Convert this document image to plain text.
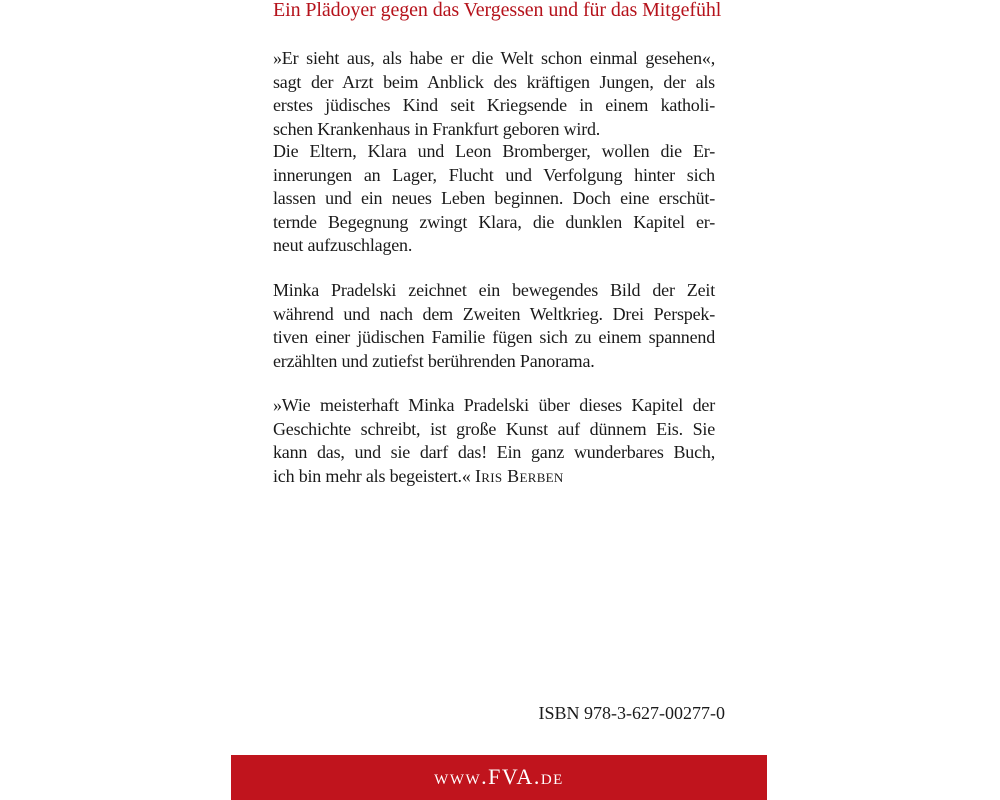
Ein Plädoyer gegen das Vergessen und für das Mitgefühl
»Er sieht aus, als habe er die Welt schon einmal gesehen«,
sagt der Arzt beim Anblick des kräftigen Jungen, der als
erstes jüdisches Kind seit Kriegsende in einem katholi-
schen Krankenhaus in Frankfurt geboren wird.
Die Eltern, Klara und Leon Bromberger, wollen die Er-
innerungen an Lager, Flucht und Verfolgung hinter sich
lassen und ein neues Leben beginnen. Doch eine erschüt-
ternde Begegnung zwingt Klara, die dunklen Kapitel er-
neut aufzuschlagen.
Minka Pradelski zeichnet ein bewegendes Bild der Zeit
während und nach dem Zweiten Weltkrieg. Drei Perspek-
tiven einer jüdischen Familie fügen sich zu einem spannend
erzählten und zutiefst berührenden Panorama.
»Wie meisterhaft Minka Pradelski über dieses Kapitel der
Geschichte schreibt, ist große Kunst auf dünnem Eis. Sie
kann das, und sie darf das! Ein ganz wunderbares Buch,
ich bin mehr als begeistert.« Iris Berben
ISBN 978-3-627-00277-0
www.FVA.de
